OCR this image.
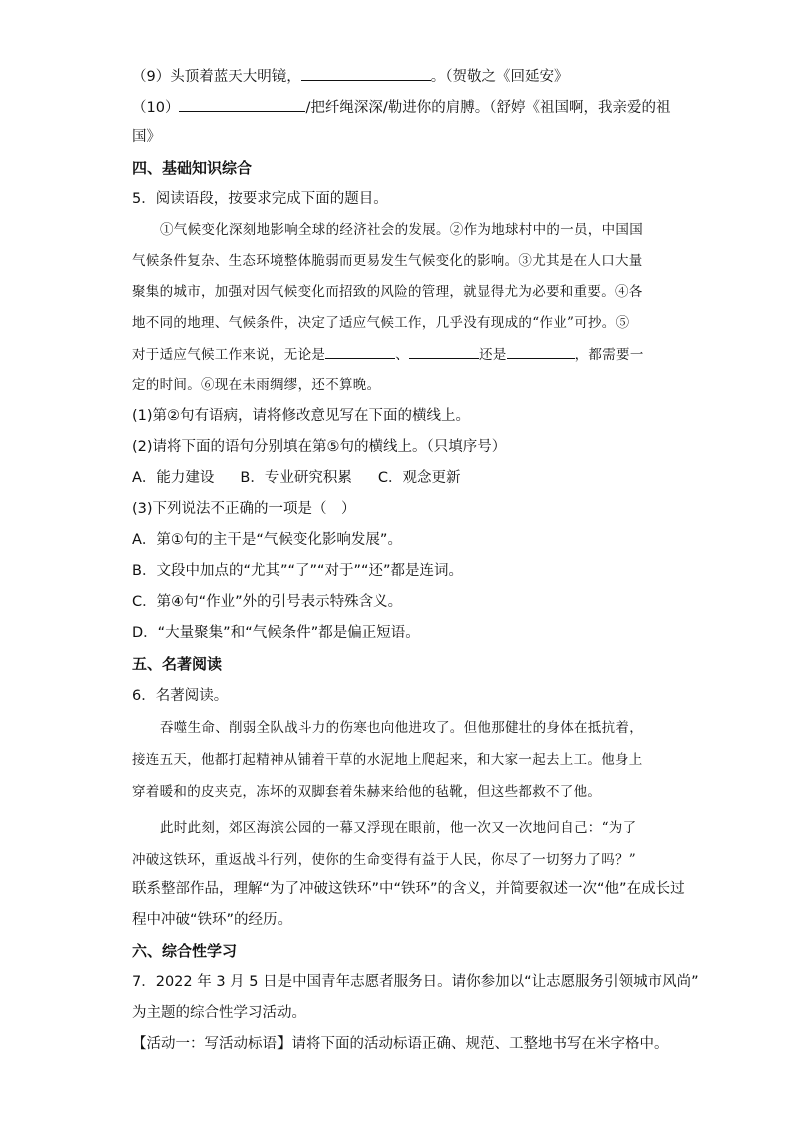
（9）头顶着蓝天大明镜，	。（贺敬之《回延安》
（10）	/把纤绳深深/勒进你的肩膊。（舒婷《祖国啊，我亲爱的祖
国》
四、基础知识综合
5．阅读语段，按要求完成下面的题目。
①气候变化深刻地影响全球的经济社会的发展。②作为地球村中的一员，中国国
气候条件复杂、生态环境整体脆弱而更易发生气候变化的影响。③尤其是在人口大量
聚集的城市，加强对因气候变化而招致的风险的管理，就显得尤为必要和重要。④各
地不同的地理、气候条件，决定了适应气候工作，几乎没有现成的“作业”可抄。⑤
对于适应气候工作来说，无论是	、	还是	，都需要一
定的时间。⑥现在未雨绸缪，还不算晚。
(1)第②句有语病，请将修改意见写在下面的横线上。
(2)请将下面的语句分别填在第⑤句的横线上。（只填序号）
A．能力建设 B．专业研究积累 C．观念更新
(3)下列说法不正确的一项是（　）
A．第①句的主干是“气候变化影响发展”。
B．文段中加点的“尤其”“了”“对于”“还”都是连词。
C．第④句“作业”外的引号表示特殊含义。
D．“大量聚集”和“气候条件”都是偏正短语。
五、名著阅读
6．名著阅读。
吞噬生命、削弱全队战斗力的伤寒也向他进攻了。但他那健壮的身体在抵抗着，
接连五天，他都打起精神从铺着干草的水泥地上爬起来，和大家一起去上工。他身上
穿着暖和的皮夹克，冻坏的双脚套着朱赫来给他的毡靴，但这些都救不了他。
此时此刻，郊区海滨公园的一幕又浮现在眼前，他一次又一次地问自己：“为了
冲破这铁环，重返战斗行列，使你的生命变得有益于人民，你尽了一切努力了吗？”
联系整部作品，理解“为了冲破这铁环”中“铁环”的含义，并简要叙述一次“他”在成长过
程中冲破“铁环”的经历。
六、综合性学习
7．2022 年 3 月 5 日是中国青年志愿者服务日。请你参加以“让志愿服务引领城市风尚”
为主题的综合性学习活动。
【活动一：写活动标语】请将下面的活动标语正确、规范、工整地书写在米字格中。
